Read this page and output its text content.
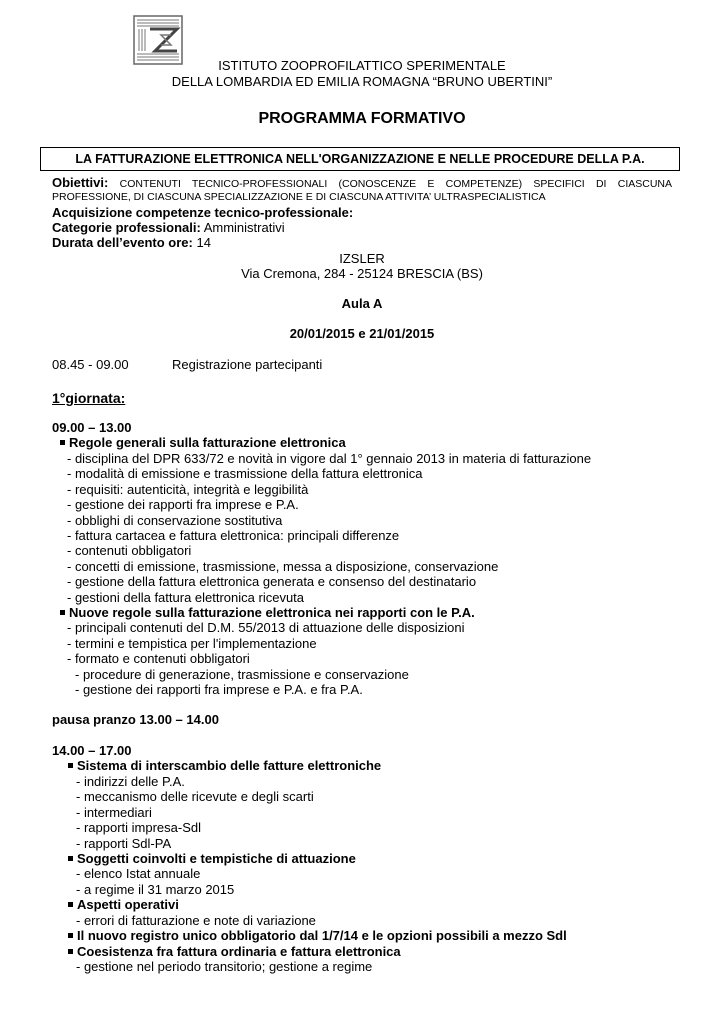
ISTITUTO ZOOPROFILATTICO SPERIMENTALE
DELLA LOMBARDIA ED EMILIA ROMAGNA “BRUNO UBERTINI”
PROGRAMMA FORMATIVO
LA FATTURAZIONE ELETTRONICA NELL'ORGANIZZAZIONE E NELLE PROCEDURE DELLA P.A.
Obiettivi: CONTENUTI TECNICO-PROFESSIONALI (CONOSCENZE E COMPETENZE) SPECIFICI DI CIASCUNA PROFESSIONE, DI CIASCUNA SPECIALIZZAZIONE E DI CIASCUNA ATTIVITA’ ULTRASPECIALISTICA
Acquisizione competenze tecnico-professionale:
Categorie professionali: Amministrativi
Durata dell’evento ore: 14
IZSLER
Via Cremona, 284 - 25124 BRESCIA (BS)
Aula A
20/01/2015 e 21/01/2015
08.45 - 09.00	Registrazione partecipanti
1°giornata:
09.00 – 13.00
Regole generali sulla fatturazione elettronica
- disciplina del DPR 633/72 e novità in vigore dal 1° gennaio 2013 in materia di fatturazione
- modalità di emissione e trasmissione della fattura elettronica
- requisiti: autenticità, integrità e leggibilità
- gestione dei rapporti fra imprese e P.A.
- obblighi di conservazione sostitutiva
- fattura cartacea e fattura elettronica: principali differenze
- contenuti obbligatori
- concetti di emissione, trasmissione, messa a disposizione, conservazione
- gestione della fattura elettronica generata e consenso del destinatario
- gestioni della fattura elettronica ricevuta
Nuove regole sulla fatturazione elettronica nei rapporti con le P.A.
- principali contenuti del D.M. 55/2013 di attuazione delle disposizioni
- termini e tempistica per l'implementazione
- formato e contenuti obbligatori
- procedure di generazione, trasmissione e conservazione
- gestione dei rapporti fra imprese e P.A. e fra P.A.
pausa pranzo 13.00 – 14.00
14.00 – 17.00
Sistema di interscambio delle fatture elettroniche
- indirizzi delle P.A.
- meccanismo delle ricevute e degli scarti
- intermediari
- rapporti impresa-Sdl
- rapporti Sdl-PA
Soggetti coinvolti e tempistiche di attuazione
- elenco Istat annuale
- a regime il 31 marzo 2015
Aspetti operativi
- errori di fatturazione e note di variazione
Il nuovo registro unico obbligatorio dal 1/7/14 e le opzioni possibili a mezzo Sdl
Coesistenza fra fattura ordinaria e fattura elettronica
- gestione nel periodo transitorio; gestione a regime
